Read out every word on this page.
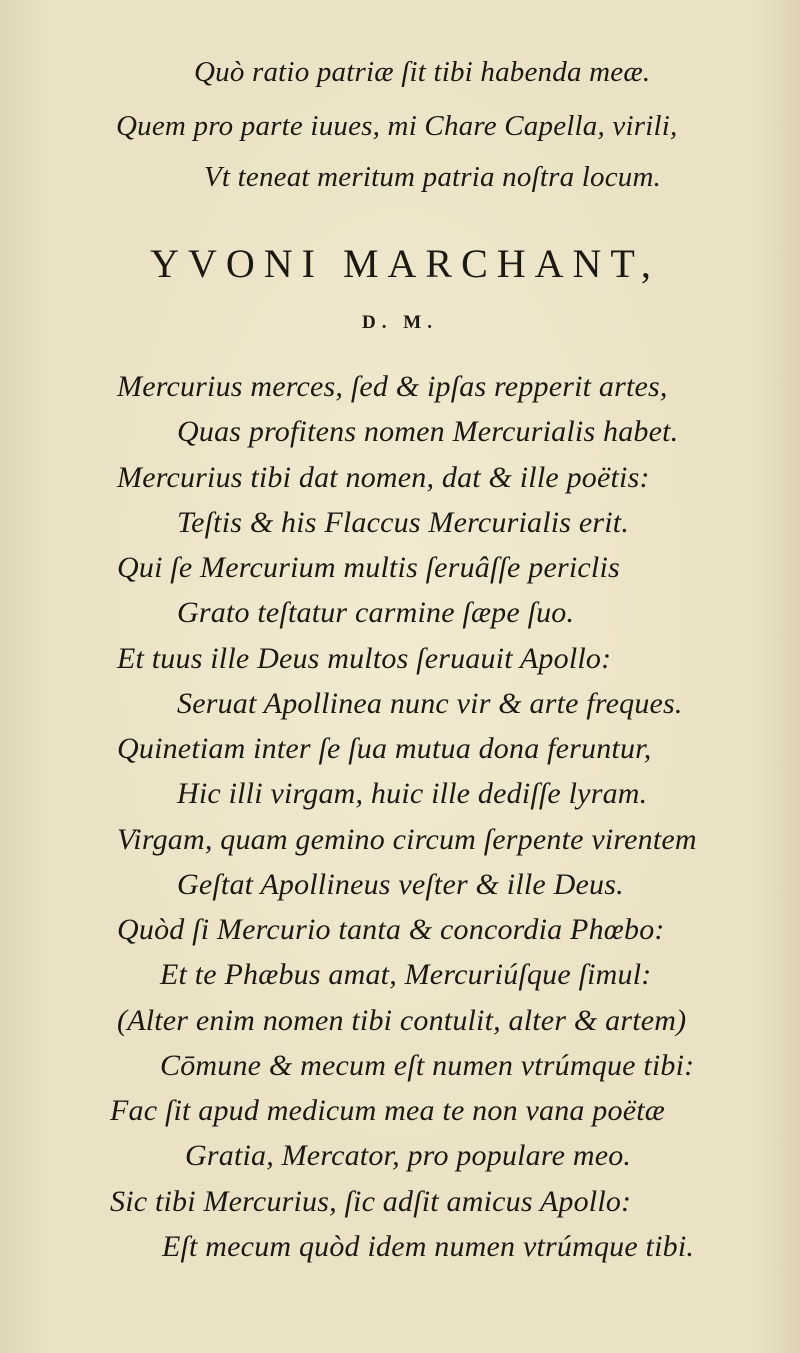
Quò ratio patriæ ſit tibi habenda meæ.
Quem pro parte iuues, mi Chare Capella, virili,
Vt teneat meritum patria noſtra locum.
YVONI MARCHANT,
D. M.
Mercurius merces, ſed & ipſas repperit artes,
Quas profitens nomen Mercurialis habet.
Mercurius tibi dat nomen, dat & ille poëtis:
Teſtis & his Flaccus Mercurialis erit.
Qui ſe Mercurium multis ſeruâſſe periclis
Grato teſtatur carmine ſæpe ſuo.
Et tuus ille Deus multos ſeruauit Apollo:
Seruat Apollinea nunc vir & arte freques.
Quinetiam inter ſe ſua mutua dona feruntur,
Hic illi virgam, huic ille dediſſe lyram.
Virgam, quam gemino circum ſerpente virentem
Geſtat Apollineus veſter & ille Deus.
Quòd ſi Mercurio tanta & concordia Phœbo:
Et te Phæbus amat, Mercuriúſque ſimul:
(Alter enim nomen tibi contulit, alter & artem)
Cōmune & mecum eſt numen vtrúmque tibi:
Fac ſit apud medicum mea te non vana poëtæ
Gratia, Mercator, pro populare meo.
Sic tibi Mercurius, ſic adſit amicus Apollo:
Eſt mecum quòd idem numen vtrúmque tibi.
